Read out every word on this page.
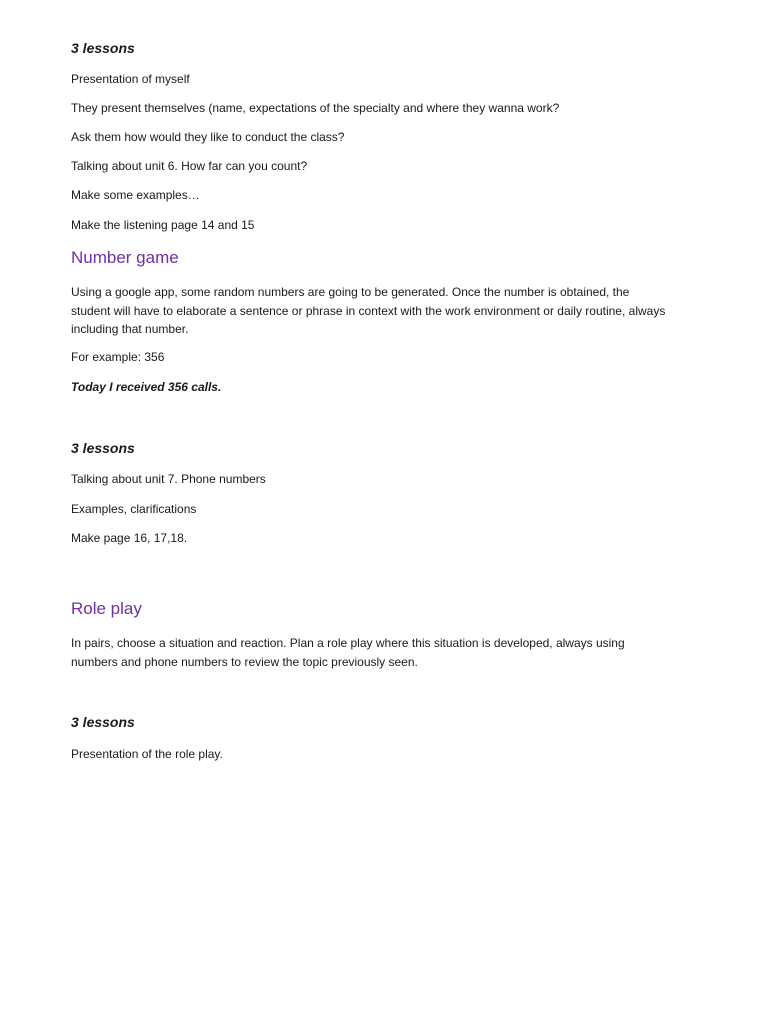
3 lessons
Presentation of myself
They present themselves (name, expectations of the specialty and where they wanna work?
Ask them how would they like to conduct the class?
Talking about unit 6. How far can you count?
Make some examples…
Make the listening page 14 and 15
Number game
Using a google app, some random numbers are going to be generated. Once the number is obtained, the student will have to elaborate a sentence or phrase in context with the work environment or daily routine, always including that number.
For example: 356
Today I received 356 calls.
3 lessons
Talking about unit 7. Phone numbers
Examples, clarifications
Make page 16, 17,18.
Role play
In pairs, choose a situation and reaction. Plan a role play where this situation is developed, always using numbers and phone numbers to review the topic previously seen.
3 lessons
Presentation of the role play.
